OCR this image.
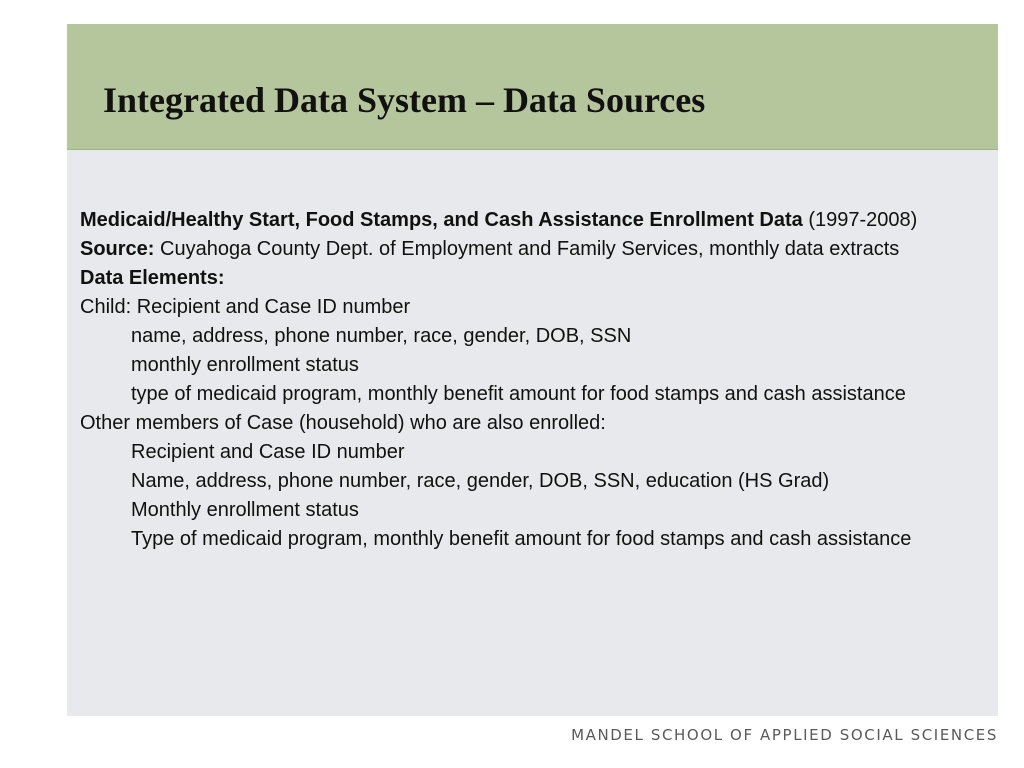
Integrated Data System – Data Sources

Medicaid/Healthy Start, Food Stamps, and Cash Assistance Enrollment Data (1997-2008)

Source: Cuyahoga County Dept. of Employment and Family Services, monthly data extracts

Data Elements:

Child: Recipient and Case ID number

name, address, phone number, race, gender, DOB, SSN

monthly enrollment status

type of medicaid program, monthly benefit amount for food stamps and cash assistance

Other members of Case (household) who are also enrolled:

Recipient and Case ID number

Name, address, phone number, race, gender, DOB, SSN, education (HS Grad)

Monthly enrollment status

Type of medicaid program, monthly benefit amount for food stamps and cash assistance

MANDEL SCHOOL OF APPLIED SOCIAL SCIENCES
